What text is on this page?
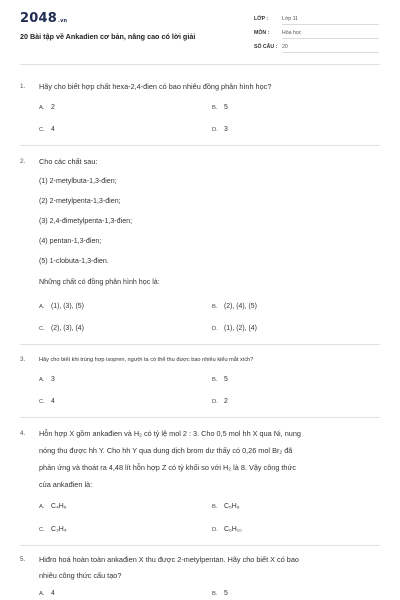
2048.vn
20 Bài tập về Ankadien cơ bản, nâng cao có lời giải
LỚP :	Lớp 11
MÔN : Hóa học
SỐ CÂU : 20
1. Hãy cho biết hợp chất hexa-2,4-đien có bao nhiêu đồng phân hình học?
A. 2	B. 5
C. 4	D. 3
2. Cho các chất sau:
(1) 2-metylbuta-1,3-đien;
(2) 2-metylpenta-1,3-đien;
(3) 2,4-đimetylpenta-1,3-đien;
(4) pentan-1,3-đien;
(5) 1-clobuta-1,3-đien.
Những chất có đồng phân hình học là:
A. (1), (3), (5)	B. (2), (4), (5)
C. (2), (3), (4)	D. (1), (2), (4)
3. Hãy cho biết khi trùng hợp isopren, người ta có thể thu được bao nhiêu kiểu mắt xích?
A. 3	B. 5
C. 4	D. 2
4. Hỗn hợp X gồm ankađien và H₂ có tỷ lệ mol 2 : 3. Cho 0,5 mol hh X qua Ni, nung
nóng thu được hh Y. Cho hh Y qua dung dịch brom dư thấy có 0,26 mol Br₂ đã
phản ứng và thoát ra 4,48 lít hỗn hợp Z có tỷ khối so với H₂ là 8. Vậy công thức
của ankađien là:
A. C₄H₆	B. C₅H₈
C. C₃H₄	D. C₆H₁₀
5. Hiđro hoá hoàn toàn ankađien X thu được 2-metylpentan. Hãy cho biết X có bao
nhiêu công thức cấu tạo?
A. 4	B. 5
